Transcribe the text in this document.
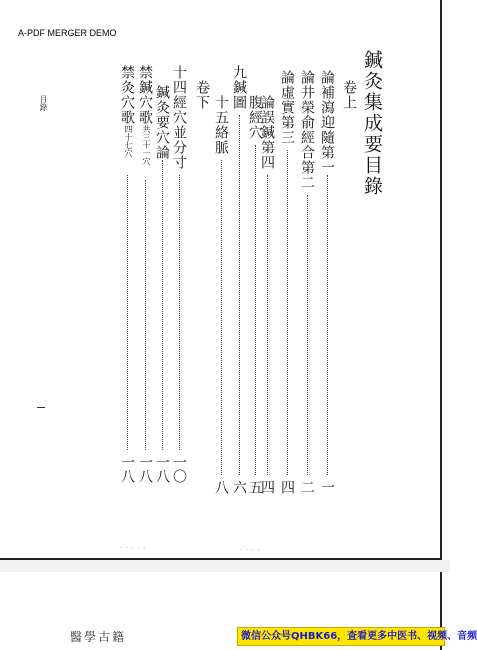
A-PDF MERGER DEMO
鍼灸集成要目錄
卷上
論補瀉迎隨第一
一
論井榮俞經合第二
二
論虛實第三
四
論誤鍼第四
四
腹經穴
五
九鍼圖
六
十五絡脈
八
卷下
十四經穴並分寸
一〇
鍼灸要穴論
一八
禁鍼穴歌
共三十一穴
一八
禁灸穴歌
四十七穴
一八
目錄
· · · · ·	· · · ·
醫學古籍	微信公众号QHBK66，查看更多中医书、视频、音频
